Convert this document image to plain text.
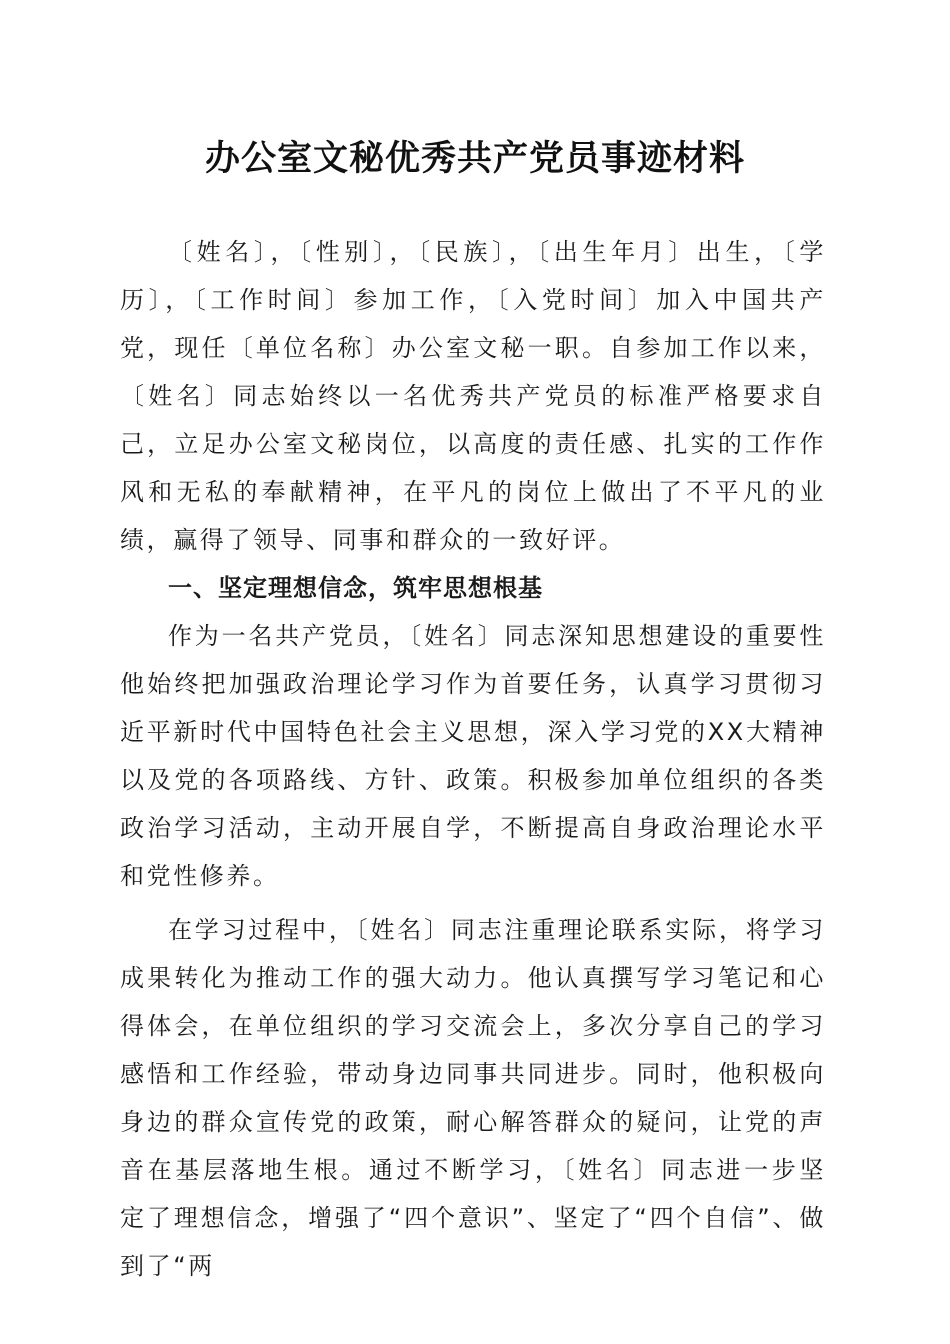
办公室文秘优秀共产党员事迹材料

〔姓名〕，〔性别〕，〔民族〕，〔出生年月〕出生，〔学历〕，〔工作时间〕参加工作，〔入党时间〕加入中国共产党，现任〔单位名称〕办公室文秘一职。自参加工作以来，〔姓名〕同志始终以一名优秀共产党员的标准严格要求自己，立足办公室文秘岗位，以高度的责任感、扎实的工作作风和无私的奉献精神，在平凡的岗位上做出了不平凡的业绩，赢得了领导、同事和群众的一致好评。

一、坚定理想信念，筑牢思想根基

作为一名共产党员，〔姓名〕同志深知思想建设的重要性他始终把加强政治理论学习作为首要任务，认真学习贯彻习近平新时代中国特色社会主义思想，深入学习党的XX大精神以及党的各项路线、方针、政策。积极参加单位组织的各类政治学习活动，主动开展自学，不断提高自身政治理论水平和党性修养。

在学习过程中，〔姓名〕同志注重理论联系实际，将学习成果转化为推动工作的强大动力。他认真撰写学习笔记和心得体会，在单位组织的学习交流会上，多次分享自己的学习感悟和工作经验，带动身边同事共同进步。同时，他积极向身边的群众宣传党的政策，耐心解答群众的疑问，让党的声音在基层落地生根。通过不断学习，〔姓名〕同志进一步坚定了理想信念，增强了“四个意识”、坚定了“四个自信”、做到了“两
